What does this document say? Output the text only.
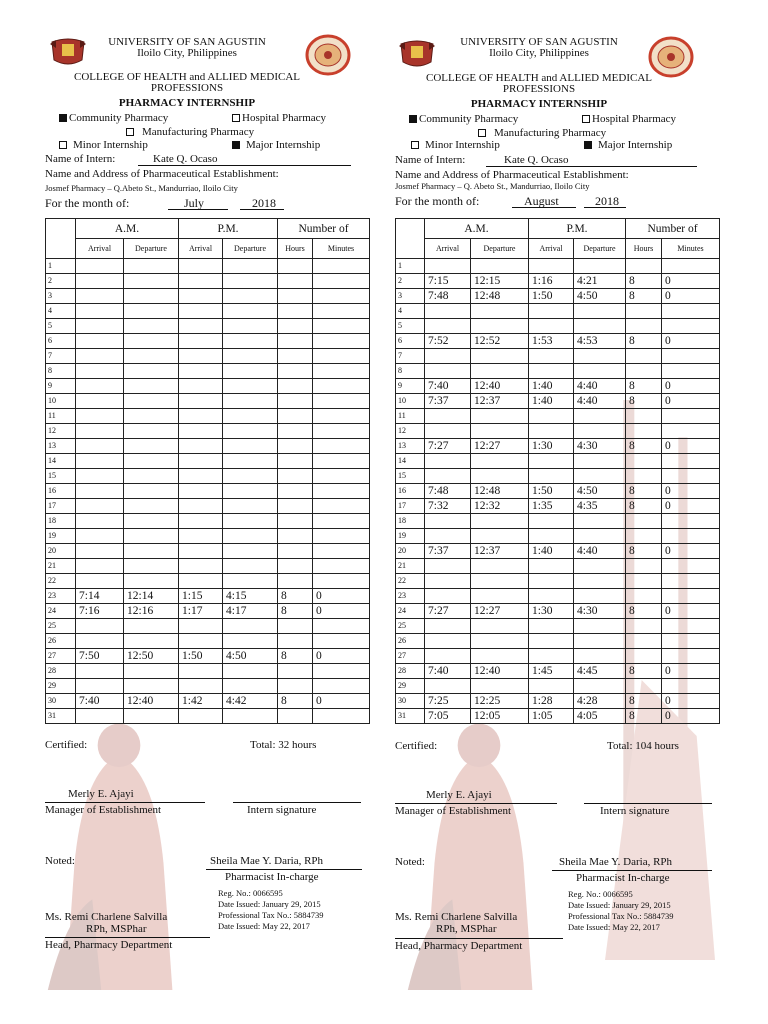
UNIVERSITY OF SAN AGUSTIN
Iloilo City, Philippines
COLLEGE OF HEALTH and ALLIED MEDICAL
PROFESSIONS
PHARMACY INTERNSHIP
Community Pharmacy	Hospital Pharmacy
Manufacturing Pharmacy
Minor Internship	Major Internship
Name of Intern:	Kate Q. Ocaso
Name and Address of Pharmaceutical Establishment:
Josmef Pharmacy – Q.Abeto St., Mandurriao, Iloilo City
For the month of:	July	2018
	A.M.		P.M.		Number of	
	Arrival	Departure	Arrival	Departure	Hours	Minutes
1						
2						
3						
4						
5						
6						
7						
8						
9						
10						
11						
12						
13						
14						
15						
16						
17						
18						
19						
20						
21						
22						
23	7:14	12:14	1:15	4:15	8	0
24	7:16	12:16	1:17	4:17	8	0
25						
26						
27	7:50	12:50	1:50	4:50	8	0
28						
29						
30	7:40	12:40	1:42	4:42	8	0
31						
Certified:	Total: 32 hours
Merly E. Ajayi
Manager of Establishment	Intern signature
Noted:	Sheila Mae Y. Daria, RPh
Pharmacist In-charge
Reg. No.: 0066595
Date Issued: January 29, 2015
Professional Tax No.: 5884739
Date Issued: May 22, 2017
Ms. Remi Charlene Salvilla
RPh, MSPhar
Head, Pharmacy Department
UNIVERSITY OF SAN AGUSTIN
Iloilo City, Philippines
COLLEGE OF HEALTH and ALLIED MEDICAL
PROFESSIONS
PHARMACY INTERNSHIP
Community Pharmacy	Hospital Pharmacy
Manufacturing Pharmacy
Minor Internship	Major Internship
Name of Intern:	Kate Q. Ocaso
Name and Address of Pharmaceutical Establishment:
Josmef Pharmacy – Q. Abeto St., Mandurriao, Iloilo City
For the month of:	August	2018
	A.M.		P.M.		Number of	
	Arrival	Departure	Arrival	Departure	Hours	Minutes
1						
2	7:15	12:15	1:16	4:21	8	0
3	7:48	12:48	1:50	4:50	8	0
4						
5						
6	7:52	12:52	1:53	4:53	8	0
7						
8						
9	7:40	12:40	1:40	4:40	8	0
10	7:37	12:37	1:40	4:40	8	0
11						
12						
13	7:27	12:27	1:30	4:30	8	0
14						
15						
16	7:48	12:48	1:50	4:50	8	0
17	7:32	12:32	1:35	4:35	8	0
18						
19						
20	7:37	12:37	1:40	4:40	8	0
21						
22						
23						
24	7:27	12:27	1:30	4:30	8	0
25						
26						
27						
28	7:40	12:40	1:45	4:45	8	0
29						
30	7:25	12:25	1:28	4:28	8	0
31	7:05	12:05	1:05	4:05	8	0
Certified:	Total: 104 hours
Merly E. Ajayi
Manager of Establishment	Intern signature
Noted:	Sheila Mae Y. Daria, RPh
Pharmacist In-charge
Reg. No.: 0066595
Date Issued: January 29, 2015
Professional Tax No.: 5884739
Date Issued: May 22, 2017
Ms. Remi Charlene Salvilla
RPh, MSPhar
Head, Pharmacy Department
